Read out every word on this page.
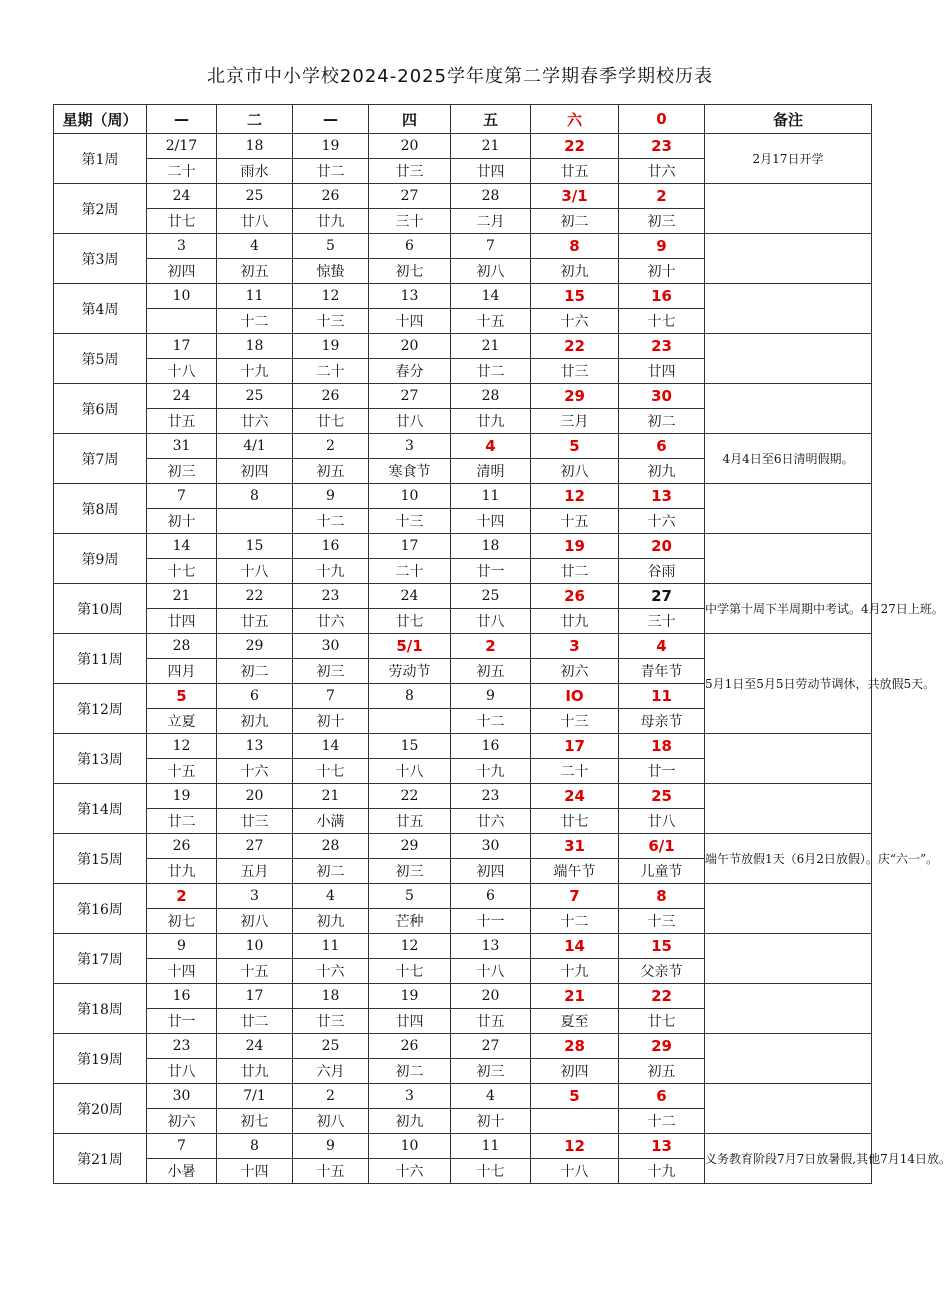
北京市中小学校2024-2025学年度第二学期春季学期校历表
星期（周）	—	二	—	四	五	六	0	备注
第1周	2/17	18	19	20	21	22	23	2月17日开学
	二十	雨水	廿二	廿三	廿四	廿五	廿六	
第2周	24	25	26	27	28	3/1	2	
	廿七	廿八	廿九	三十	二月	初二	初三	
第3周	3	4	5	6	7	8	9	
	初四	初五	惊蛰	初七	初八	初九	初十	
第4周	10	11	12	13	14	15	16	
		十二	十三	十四	十五	十六	十七	
第5周	17	18	19	20	21	22	23	
	十八	十九	二十	春分	廿二	廿三	廿四	
第6周	24	25	26	27	28	29	30	
	廿五	廿六	廿七	廿八	廿九	三月	初二	
第7周	31	4/1	2	3	4	5	6	4月4日至6日清明假期。
	初三	初四	初五	寒食节	清明	初八	初九	
第8周	7	8	9	10	11	12	13	
	初十		十二	十三	十四	十五	十六	
第9周	14	15	16	17	18	19	20	
	十七	十八	十九	二十	廿一	廿二	谷雨	
第10周	21	22	23	24	25	26	27	中学第十周下半周期中考试。4月27日上班。
	廿四	廿五	廿六	廿七	廿八	廿九	三十	
第11周	28	29	30	5/1	2	3	4	5月1日至5月5日劳动节调休，共放假5天。
	四月	初二	初三	劳动节	初五	初六	青年节	
第12周	5	6	7	8	9	IO	11	
	立夏	初九	初十		十二	十三	母亲节	
第13周	12	13	14	15	16	17	18	
	十五	十六	十七	十八	十九	二十	廿一	
第14周	19	20	21	22	23	24	25	
	廿二	廿三	小满	廿五	廿六	廿七	廿八	
第15周	26	27	28	29	30	31	6/1	端午节放假1天（6月2日放假）。庆“六一”。
	廿九	五月	初二	初三	初四	端午节	儿童节	
第16周	2	3	4	5	6	7	8	
	初七	初八	初九	芒种	十一	十二	十三	
第17周	9	10	11	12	13	14	15	
	十四	十五	十六	十七	十八	十九	父亲节	
第18周	16	17	18	19	20	21	22	
	廿一	廿二	廿三	廿四	廿五	夏至	廿七	
第19周	23	24	25	26	27	28	29	
	廿八	廿九	六月	初二	初三	初四	初五	
第20周	30	7/1	2	3	4	5	6	
	初六	初七	初八	初九	初十		十二	
第21周	7	8	9	10	11	12	13	义务教育阶段7月7日放暑假,其他7月14日放。
	小暑	十四	十五	十六	十七	十八	十九	
